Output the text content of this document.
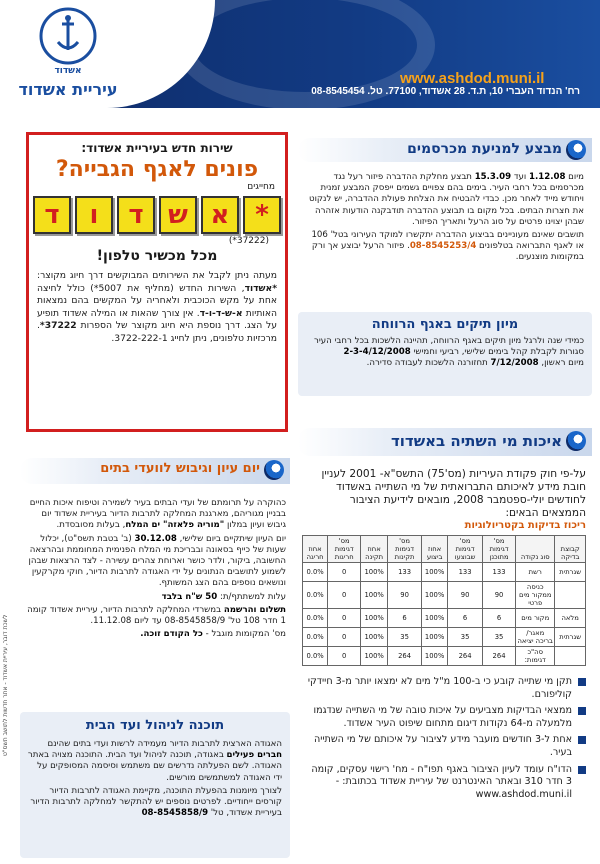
www.ashdod.muni.il
רח' הנדוד העברי 10, ת.ד. 28 אשדוד, 77100. טל. 08-8545454
אשדוד
עיריית אשדוד
שירות חדש בעיריית אשדוד:
פונים לאגף הגבייה?
מחייגים
ד	ו	ד ש א *
(37222*)
מכל מכשיר טלפון!
מעתה ניתן לקבל את השירותים המבוקשים דרך חיוג מקוצר: *אשדוד, השירות החדש (מחליף את 5007*) כולל לחיצה אחת על מקש הכוכבית ולאחריה על המקשים בהם נמצאות האותיות א-ש-ד-ו-ד. אין צורך שהאות או המילה אשדוד תופיע על הצג. דרך נוספת היא חיוג מקוצר של הספרות 37222*. מרכזיות טלפונים, ניתן לחייג 3722-222-1.
מבצע למניעת מכרסמים
מיום 1.12.08 ועד 15.3.09 תבצע מחלקת ההדברה פיזור רעל נגד מכרסמים בכל רחבי העיר. בימים בהם צפויים גשמים ייפסק המבצע זמנית ויחודש מייד לאחר מכן. כבדי להבטיח את הצלחת פעולת ההדברה, יש לנקוט את חצרות הבתים. בכל מקום בו תבוצע ההדברה תודבקנה הודעות אזהרה שבהן יצוינו פרטים על סוג הרעל ותאריך הפיזור.
תושבים שאינם מעוניינים בביצוע ההדברה יתקשרו למוקד העירוני בטל' 106 או לאגף התברואה בטלפונים 08-8545253/4. פיזור הרעל יבוצע אך ורק במקומות מוצנעים.
מיון תיקים באגף הרווחה
כמידי שנה ולרגל מיון תיקים באגף הרווחה, תהיינה הלשכות בכל רחבי העיר סגורות לקבלת קהל בימים שלישי, רביעי וחמישי 2-3-4/12/2008
מיום ראשון, 7/12/2008 תחזורנה הלשכות לעבודה סדירה.
איכות מי השתיה באשדוד
על-פי חוק פקודת העיריות (מס'75) התשס"א- 2001 לעניין חובת מידע לאיכותם התברואתית של מי השתייה באשדוד לחודשים יולי-ספטמבר 2008, מובאים לידיעת הציבור הממצאים הבאים:
ריכוז בדיקות בקטריולוגיות
קבוצת בדיקה	סוג נקודה	מס' דגימות מתוכנן	מס' דגימות שבוצעו	אחוז ביצוע	מס' דגימות תקינות	אחוז תקינה	מס' דגימות חריגות	אחוז חריגה
שגרתית	רשת	133	133	100%	133	100%	0	0.0%
	כניסה ממקור מים פרטי	90	90	100%	90	100%	0	0.0%
מלאה	מקור מים	6	6	100%	6	100%	0	0.0%
שגרתית	מאגר/ בריכה יציאה	35	35	100%	35	100%	0	0.0%
	סה"כ דגימות:	264	264	100%	264	100%	0	0.0%
תקן מי שתייה קובע כי ב-100 מ"ל מים לא ימצאו יותר מ-3 חיידקי קוליפורם.
ממצאי הבדיקות מצביעים על איכות טובה של מי השתייה שנדגמו מלמעלה מ-64 נקודות דיגום מתחום שיפוט העיר אשדוד.
אחת ל-3 חודשים מועבר מידע לציבור על איכותם של מי השתייה בעיר.
הדו"ח עומד לעיון הציבור באגף תפו"ח - מח' רישוי עסקים, קומה 3 חדר 310 ובאתר האינטרנט של עיריית אשדוד בכתובת: - www.ashdod.muni.il
יום עיון וגיבוש לוועדי בתים
כהוקרה על תרומתם של ועדי הבתים בעיר לשמירה וטיפוח איכות החיים בבניין מגוריהם, מארגנת המחלקה לתרבות הדיור בעיריית אשדוד יום גיבוש ועיון במלון "מוריה פלאזה" ים המלח, בעלות מסובסדת.
יום העיון שיתקיים ביום שלישי, 30.12.08 (ב' בטבת תשס"ט), יכלול שעות של כייף בסאונה ובבריכת מי המלח הפנימית המחוממת ובהרצאה החשובה, ביקור, ולדר כושר וארוחת צהרים עשירה - לצד הרצאות שבהן לשמוע לתושבים הנתונים על ידי האגודה לתרבות הדיור, חוקי מקרקעין ונושאים נוספים בהם הצג המשותף.
עלות למשתתף/ת: 50 ש"ח בלבד
תשלום והרשמה במשרדי המחלקה לתרבות הדיור, עיריית אשדוד קומה 1 חדר 108 טל' 08-8545858/9 עד ליום 11.12.08.
מס' המקומות מוגבל - כל הקודם זוכה.
תוכנה לניהול ועד הבית
האגודה הארצית לתרבות הדיור מעמידה לרשות ועדי בתים שהינם חברים פעילים באגודה, תוכנה לניהול ועד הבית. התוכנה מצויה באתר האגודה. לשם הפעלתה נדרשים שם משתמש וסיסמה המסופקים על ידי האגודה למשתמשים מורשים.
לצורך מיומנות בהפעלת התוכנה, מקיימת האגודה לתרבות הדיור קורסים ייחודיים. לפרטים נוספים יש להתקשר למחלקה לתרבות הדיור בעיריית אשדוד, טל' 08-8545858/9
לשכת דובר, עיריית אשדוד - אתר חדשות לתושב תשס"ט
